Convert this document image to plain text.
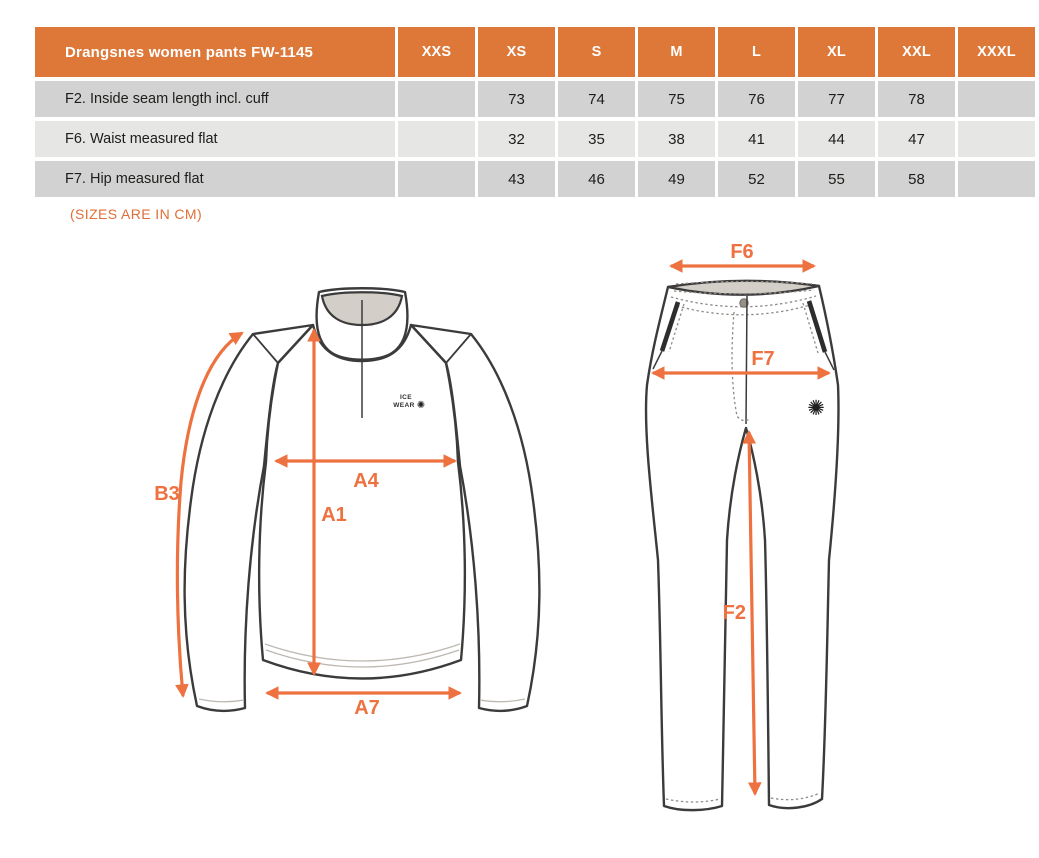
Drangsnes women pants FW-1145	XXS	XS	S	M	L	XL	XXL	XXXL
F2. Inside seam length incl. cuff		73	74	75	76	77	78	
F6. Waist measured flat		32	35	38	41	44	47	
F7. Hip measured flat		43	46	49	52	55	58	
(SIZES ARE IN CM)
ICE
WEAR ✺
B3
A4
A1
A7
✺
F6
F7
F2
